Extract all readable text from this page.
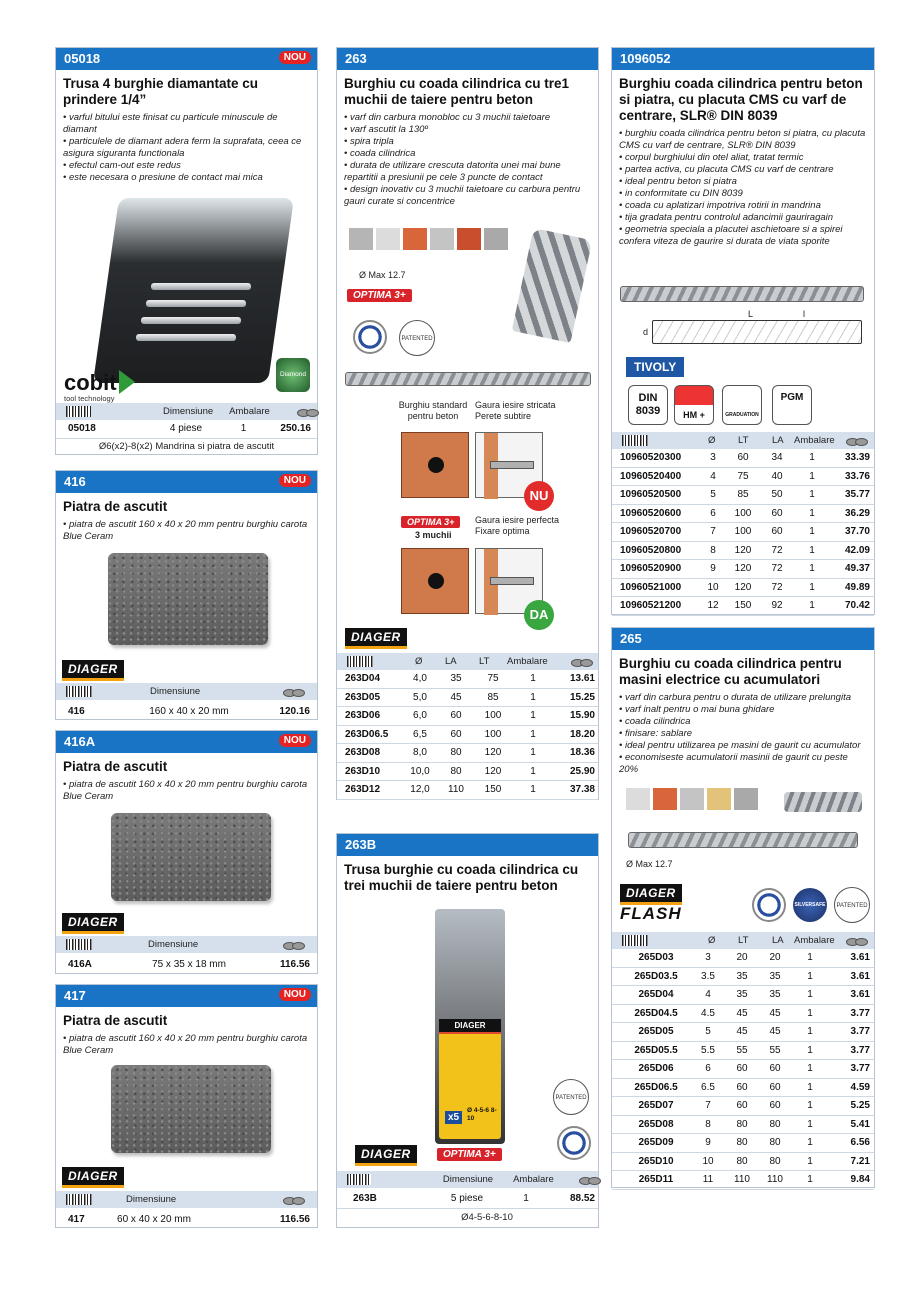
05018	NOU
Trusa 4 burghie diamantate cu prindere 1/4”
• varful bitului este finisat cu particule minuscule de diamant
• particulele de diamant adera ferm la suprafata, ceea ce asigura siguranta functionala
• efectul cam-out este redus
• este necesara o presiune de contact mai mica
cobit
tool technology
Diamond
Dimensiune Ambalare
05018	4 piese	1	250.16
Ø6(x2)-8(x2) Mandrina si piatra de ascutit
416	NOU
Piatra de ascutit
• piatra de ascutit 160 x 40 x 20 mm pentru burghiu carota Blue Ceram
DIAGER
Dimensiune
416	160 x 40 x 20 mm	120.16
416A	NOU
Piatra de ascutit
• piatra de ascutit 160 x 40 x 20 mm pentru burghiu carota Blue Ceram
DIAGER
Dimensiune
416A	75 x 35 x 18 mm	116.56
417	NOU
Piatra de ascutit
• piatra de ascutit 160 x 40 x 20 mm pentru burghiu carota Blue Ceram
DIAGER
Dimensiune
417	60 x 40 x 20 mm	116.56
263
Burghiu cu coada cilindrica cu tre1 muchii de taiere pentru beton
• varf din carbura monobloc cu 3 muchii taietoare
• varf ascutit la 130º
• spira tripla
• coada cilindrica
• durata de utilizare crescuta datorita unei mai bune repartitii a presiunii pe cele 3 puncte de contact
• design inovativ cu 3 muchii taietoare cu carbura pentru gauri curate si concentrice
Ø Max 12.7
OPTIMA 3+
PATENTED
Burghiu standard pentru beton
Gaura iesire stricata Perete subtire
NU
OPTIMA 3+
3 muchii
Gaura iesire perfecta Fixare optima
DA
DIAGER
Ø	LA	LT	Ambalare
263D04	4,0	35	75	1	13.61
263D05	5,0	45	85	1	15.25
263D06	6,0	60	100	1	15.90
263D06.5	6,5	60	100	1	18.20
263D08	8,0	80	120	1	18.36
263D10	10,0	80	120	1	25.90
263D12	12,0	110	150	1	37.38
263B
Trusa burghie cu coada cilindrica cu trei muchii de taiere pentru beton
DIAGER
x5
Ø 4-5-6 8-10
PATENTED
DIAGER	OPTIMA 3+
Dimensiune Ambalare
263B	5 piese	1	88.52
Ø4-5-6-8-10
1096052
Burghiu coada cilindrica pentru beton si piatra, cu placuta CMS cu varf de centrare, SLR® DIN 8039
• burghiu coada cilindrica pentru beton si piatra, cu placuta CMS cu varf de centrare, SLR® DIN 8039
• corpul burghiului din otel aliat, tratat termic
• partea activa, cu placuta CMS cu varf de centrare
• ideal pentru beton si piatra
• in conformitate cu DIN 8039
• coada cu aplatizari impotriva rotirii in mandrina
• tija gradata pentru controlul adancimii gauriragain
• geometria speciala a placutei aschietoare si a spirei confera viteza de gaurire si durata de viata sporite
L	l
d
TIVOLY
DIN 8039	HM +	GRADUATION
PGM
Ø	LT	LA	Ambalare
10960520300	3	60	34	1	33.39
10960520400	4	75	40	1	33.76
10960520500	5	85	50	1	35.77
10960520600	6	100	60	1	36.29
10960520700	7	100	60	1	37.70
10960520800	8	120	72	1	42.09
10960520900	9	120	72	1	49.37
10960521000	10	120	72	1	49.89
10960521200	12	150	92	1	70.42
265
Burghiu cu coada cilindrica pentru masini electrice cu acumulatori
• varf din carbura pentru o durata de utilizare prelungita
• varf inalt pentru o mai buna ghidare
• coada cilindrica
• finisare: sablare
• ideal pentru utilizarea pe masini de gaurit cu acumulator
• economiseste acumulatorii masinii de gaurit cu peste 20%
Ø Max 12.7
DIAGER
FLASH	SILVERSAFE	PATENTED
Ø	LT	LA	Ambalare
265D03	3	20	20	1	3.61
265D03.5	3.5	35	35	1	3.61
265D04	4	35	35	1	3.61
265D04.5	4.5	45	45	1	3.77
265D05	5	45	45	1	3.77
265D05.5	5.5	55	55	1	3.77
265D06	6	60	60	1	3.77
265D06.5	6.5	60	60	1	4.59
265D07	7	60	60	1	5.25
265D08	8	80	80	1	5.41
265D09	9	80	80	1	6.56
265D10	10	80	80	1	7.21
265D11	11	110	110	1	9.84
